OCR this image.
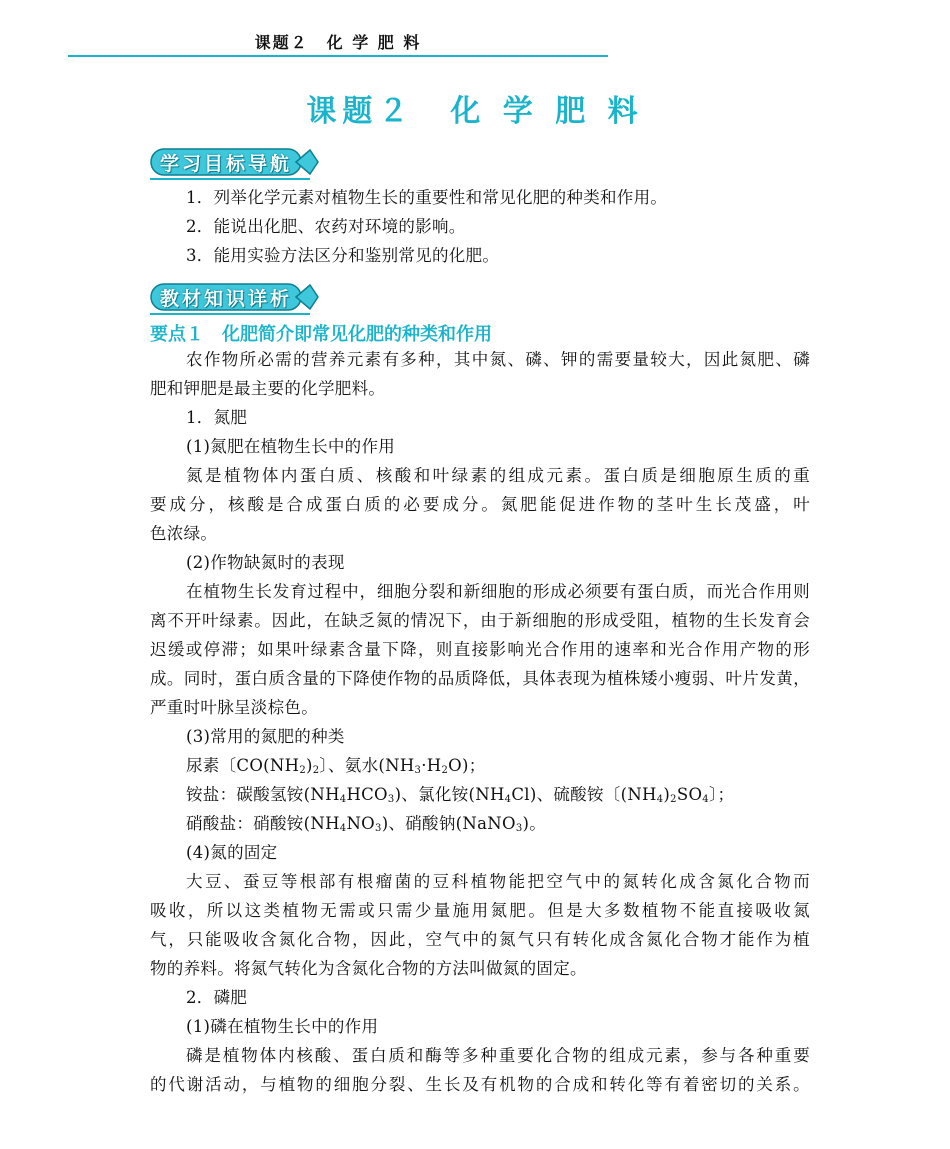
课题２　化 学 肥 料
课题２　化 学 肥 料
学习目标导航
1．列举化学元素对植物生长的重要性和常见化肥的种类和作用。
2．能说出化肥、农药对环境的影响。
3．能用实验方法区分和鉴别常见的化肥。
教材知识详析
要点１　化肥简介即常见化肥的种类和作用
农作物所必需的营养元素有多种，其中氮、磷、钾的需要量较大，因此氮肥、磷
肥和钾肥是最主要的化学肥料。
1．氮肥
(1)氮肥在植物生长中的作用
氮是植物体内蛋白质、核酸和叶绿素的组成元素。蛋白质是细胞原生质的重
要成分，核酸是合成蛋白质的必要成分。氮肥能促进作物的茎叶生长茂盛，叶
色浓绿。
(2)作物缺氮时的表现
在植物生长发育过程中，细胞分裂和新细胞的形成必须要有蛋白质，而光合作用则
离不开叶绿素。因此，在缺乏氮的情况下，由于新细胞的形成受阻，植物的生长发育会
迟缓或停滞；如果叶绿素含量下降，则直接影响光合作用的速率和光合作用产物的形
成。同时，蛋白质含量的下降使作物的品质降低，具体表现为植株矮小瘦弱、叶片发黄，
严重时叶脉呈淡棕色。
(3)常用的氮肥的种类
尿素〔$CO(NH_2)_2$〕、氨水$(NH_3\cdot H_2O)$；
铵盐：碳酸氢铵$(NH_4HCO_3)$、氯化铵$(NH_4Cl)$、硫酸铵〔$(NH_4)_2SO_4$〕；
硝酸盐：硝酸铵$(NH_4NO_3)$、硝酸钠(NaNO$_3$)。
(4)氮的固定
大豆、蚕豆等根部有根瘤菌的豆科植物能把空气中的氮转化成含氮化合物而
吸收，所以这类植物无需或只需少量施用氮肥。但是大多数植物不能直接吸收氮
气，只能吸收含氮化合物，因此，空气中的氮气只有转化成含氮化合物才能作为植
物的养料。将氮气转化为含氮化合物的方法叫做氮的固定。
2．磷肥
(1)磷在植物生长中的作用
磷是植物体内核酸、蛋白质和酶等多种重要化合物的组成元素，参与各种重要
的代谢活动，与植物的细胞分裂、生长及有机物的合成和转化等有着密切的关系。
